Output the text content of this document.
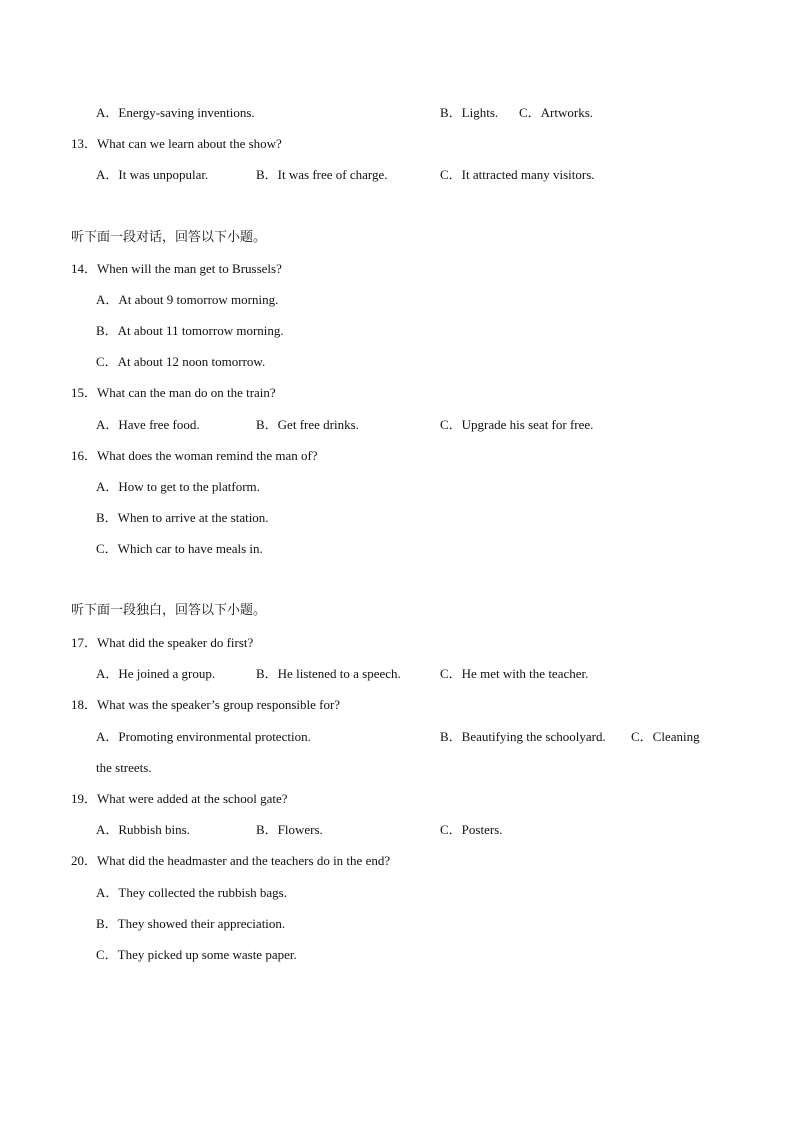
A．Energy-saving inventions.	B．Lights. C．Artworks.
13．What can we learn about the show?
A．It was unpopular.	B．It was free of charge.	C．It attracted many visitors.
听下面一段对话，回答以下小题。
14．When will the man get to Brussels?
A．At about 9 tomorrow morning.
B．At about 11 tomorrow morning.
C．At about 12 noon tomorrow.
15．What can the man do on the train?
A．Have free food.	B．Get free drinks.	C．Upgrade his seat for free.
16．What does the woman remind the man of?
A．How to get to the platform.
B．When to arrive at the station.
C．Which car to have meals in.
听下面一段独白，回答以下小题。
17．What did the speaker do first?
A．He joined a group.	B．He listened to a speech.	C．He met with the teacher.
18．What was the speaker’s group responsible for?
A．Promoting environmental protection.	B．Beautifying the schoolyard. C．Cleaning
the streets.
19．What were added at the school gate?
A．Rubbish bins.	B．Flowers.	C．Posters.
20．What did the headmaster and the teachers do in the end?
A．They collected the rubbish bags.
B．They showed their appreciation.
C．They picked up some waste paper.
